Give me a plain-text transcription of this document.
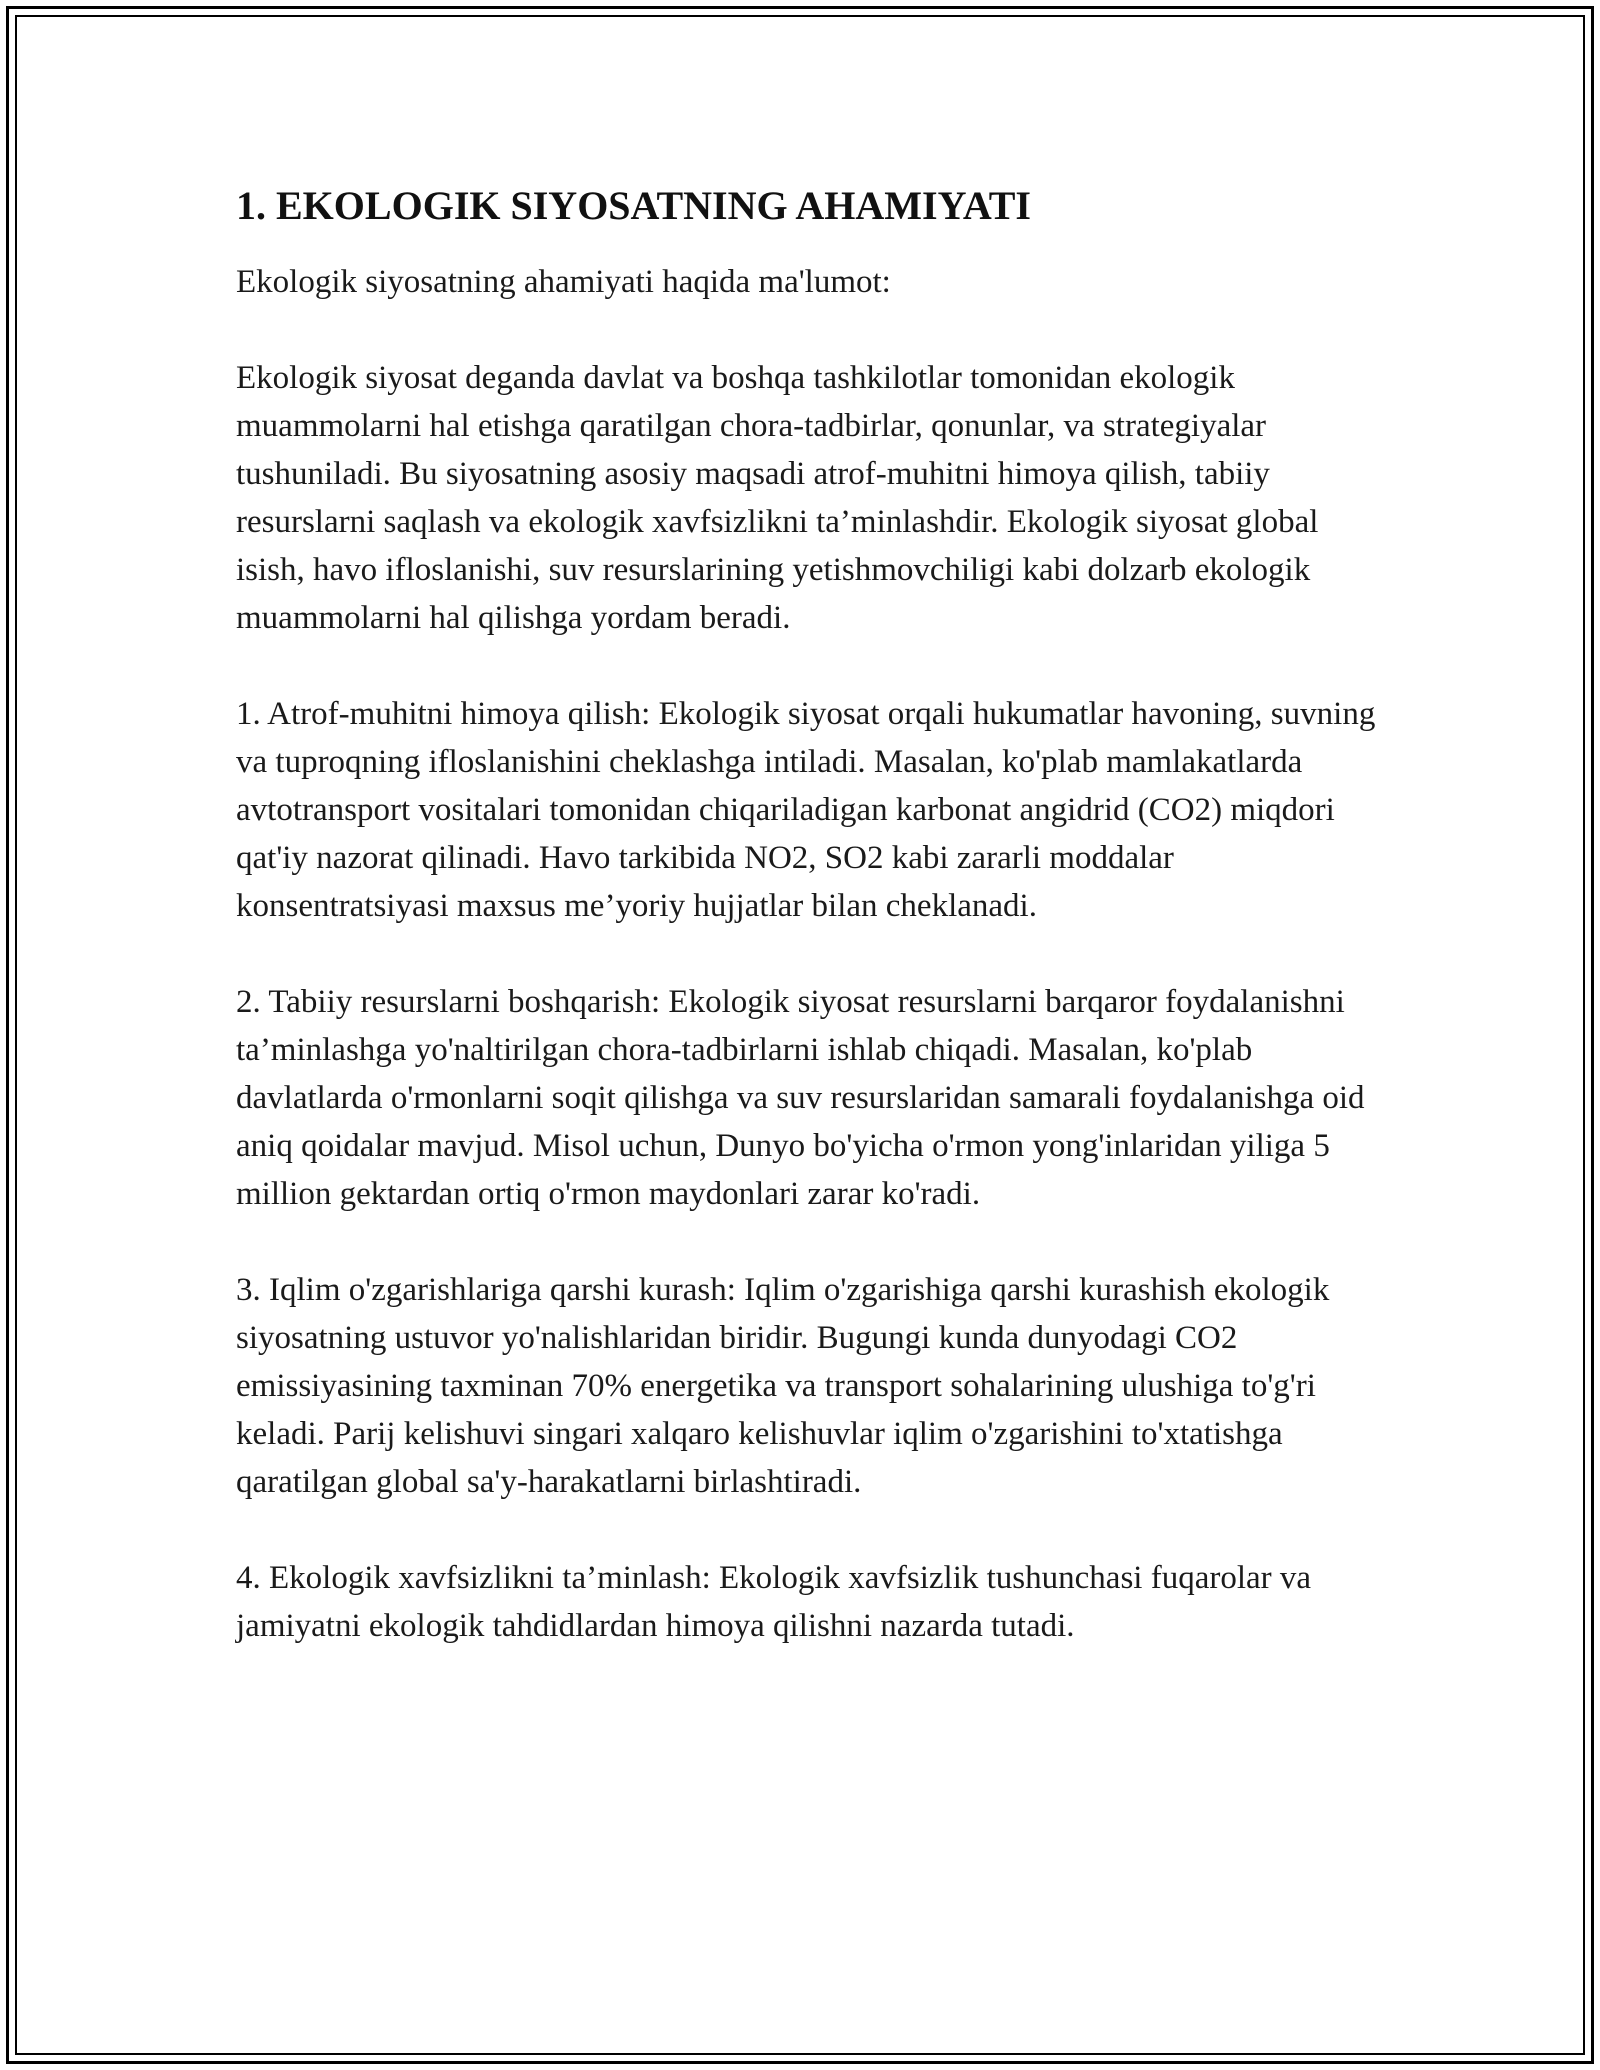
1. EKOLOGIK SIYOSATNING AHAMIYATI

Ekologik siyosatning ahamiyati haqida ma'lumot:

Ekologik siyosat deganda davlat va boshqa tashkilotlar tomonidan ekologik muammolarni hal etishga qaratilgan chora-tadbirlar, qonunlar, va strategiyalar tushuniladi. Bu siyosatning asosiy maqsadi atrof-muhitni himoya qilish, tabiiy resurslarni saqlash va ekologik xavfsizlikni ta’minlashdir. Ekologik siyosat global isish, havo ifloslanishi, suv resurslarining yetishmovchiligi kabi dolzarb ekologik muammolarni hal qilishga yordam beradi.

1. Atrof-muhitni himoya qilish: Ekologik siyosat orqali hukumatlar havoning, suvning va tuproqning ifloslanishini cheklashga intiladi. Masalan, ko'plab mamlakatlarda avtotransport vositalari tomonidan chiqariladigan karbonat angidrid (CO2) miqdori qat'iy nazorat qilinadi. Havo tarkibida NO2, SO2 kabi zararli moddalar konsentratsiyasi maxsus me’yoriy hujjatlar bilan cheklanadi.

2. Tabiiy resurslarni boshqarish: Ekologik siyosat resurslarni barqaror foydalanishni ta’minlashga yo'naltirilgan chora-tadbirlarni ishlab chiqadi. Masalan, ko'plab davlatlarda o'rmonlarni soqit qilishga va suv resurslaridan samarali foydalanishga oid aniq qoidalar mavjud. Misol uchun, Dunyo bo'yicha o'rmon yong'inlaridan yiliga 5 million gektardan ortiq o'rmon maydonlari zarar ko'radi.

3. Iqlim o'zgarishlariga qarshi kurash: Iqlim o'zgarishiga qarshi kurashish ekologik siyosatning ustuvor yo'nalishlaridan biridir. Bugungi kunda dunyodagi CO2 emissiyasining taxminan 70% energetika va transport sohalarining ulushiga to'g'ri keladi. Parij kelishuvi singari xalqaro kelishuvlar iqlim o'zgarishini to'xtatishga qaratilgan global sa'y-harakatlarni birlashtiradi.

4. Ekologik xavfsizlikni ta’minlash: Ekologik xavfsizlik tushunchasi fuqarolar va jamiyatni ekologik tahdidlardan himoya qilishni nazarda tutadi.
